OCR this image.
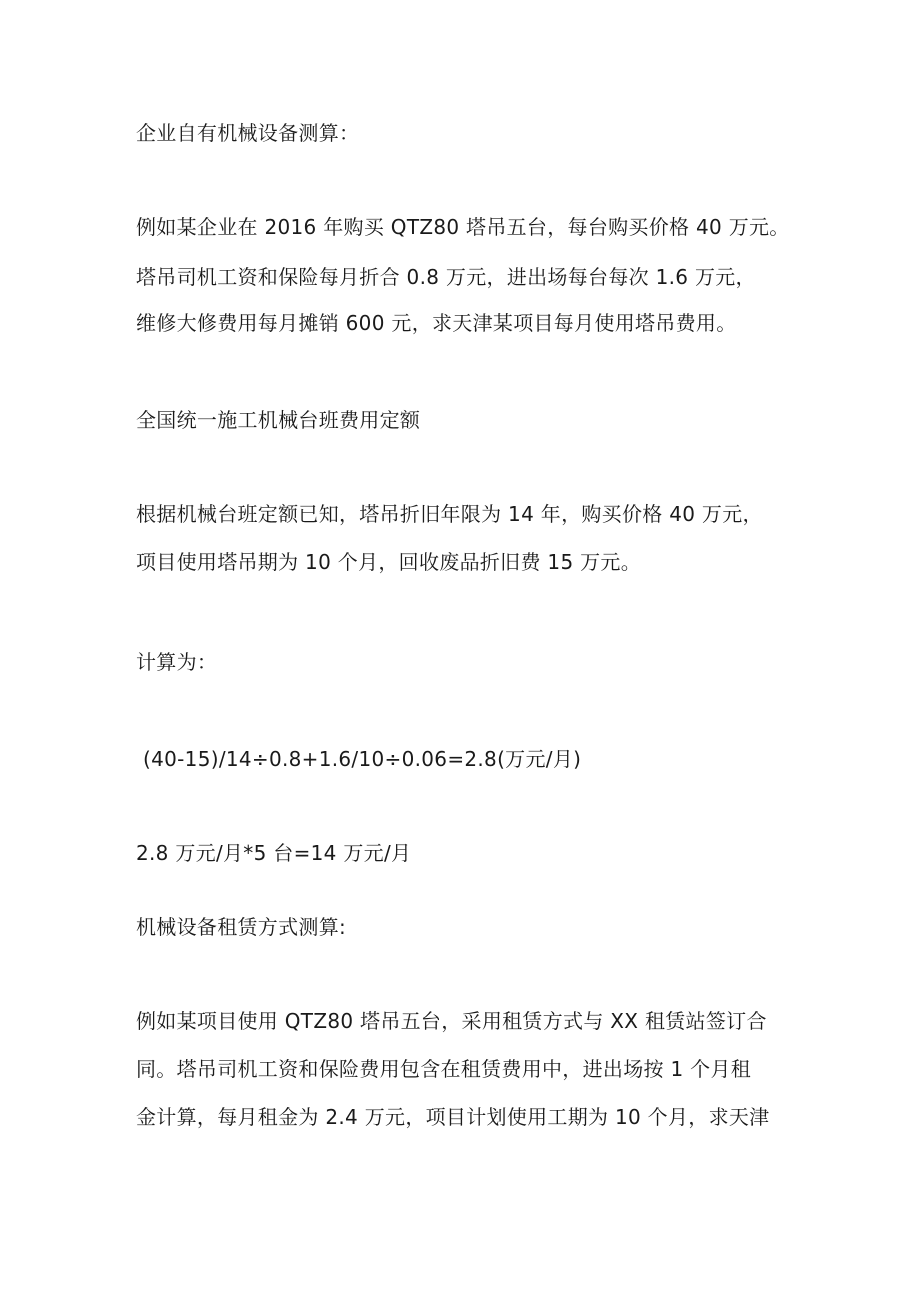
企业自有机械设备测算：

例如某企业在 2016 年购买 QTZ80 塔吊五台，每台购买价格 40 万元。
塔吊司机工资和保险每月折合 0.8 万元，进出场每台每次 1.6 万元，
维修大修费用每月摊销 600 元，求天津某项目每月使用塔吊费用。

全国统一施工机械台班费用定额

根据机械台班定额已知，塔吊折旧年限为 14 年，购买价格 40 万元，
项目使用塔吊期为 10 个月，回收废品折旧费 15 万元。

计算为：

(40-15)/14÷0.8+1.6/10÷0.06=2.8(万元/月)

2.8 万元/月*5 台=14 万元/月

机械设备租赁方式测算:

例如某项目使用 QTZ80 塔吊五台，采用租赁方式与 XX 租赁站签订合
同。塔吊司机工资和保险费用包含在租赁费用中，进出场按 1 个月租
金计算，每月租金为 2.4 万元，项目计划使用工期为 10 个月，求天津
